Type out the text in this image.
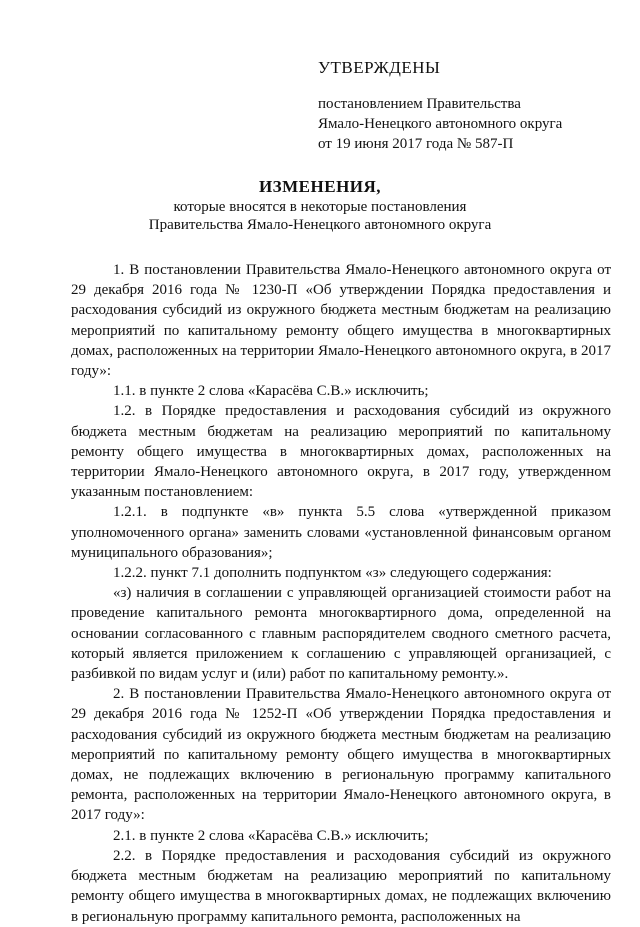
УТВЕРЖДЕНЫ
постановлением Правительства
Ямало-Ненецкого автономного округа
от 19 июня 2017 года № 587-П
ИЗМЕНЕНИЯ,
которые вносятся в некоторые постановления
Правительства Ямало-Ненецкого автономного округа

1. В постановлении Правительства Ямало-Ненецкого автономного округа от 29 декабря 2016 года № 1230-П «Об утверждении Порядка предоставления и расходования субсидий из окружного бюджета местным бюджетам на реализацию мероприятий по капитальному ремонту общего имущества в многоквартирных домах, расположенных на территории Ямало-Ненецкого автономного округа, в 2017 году»:

1.1. в пункте 2 слова «Карасёва С.В.» исключить;

1.2. в Порядке предоставления и расходования субсидий из окружного бюджета местным бюджетам на реализацию мероприятий по капитальному ремонту общего имущества в многоквартирных домах, расположенных на территории Ямало-Ненецкого автономного округа, в 2017 году, утвержденном указанным постановлением:

1.2.1. в подпункте «в» пункта 5.5 слова «утвержденной приказом уполномоченного органа» заменить словами «установленной финансовым органом муниципального образования»;

1.2.2. пункт 7.1 дополнить подпунктом «з» следующего содержания:

«з) наличия в соглашении с управляющей организацией стоимости работ на проведение капитального ремонта многоквартирного дома, определенной на основании согласованного с главным распорядителем сводного сметного расчета, который является приложением к соглашению с управляющей организацией, с разбивкой по видам услуг и (или) работ по капитальному ремонту.».

2. В постановлении Правительства Ямало-Ненецкого автономного округа от 29 декабря 2016 года № 1252-П «Об утверждении Порядка предоставления и расходования субсидий из окружного бюджета местным бюджетам на реализацию мероприятий по капитальному ремонту общего имущества в многоквартирных домах, не подлежащих включению в региональную программу капитального ремонта, расположенных на территории Ямало-Ненецкого автономного округа, в 2017 году»:

2.1. в пункте 2 слова «Карасёва С.В.» исключить;

2.2. в Порядке предоставления и расходования субсидий из окружного бюджета местным бюджетам на реализацию мероприятий по капитальному ремонту общего имущества в многоквартирных домах, не подлежащих включению в региональную программу капитального ремонта, расположенных на
